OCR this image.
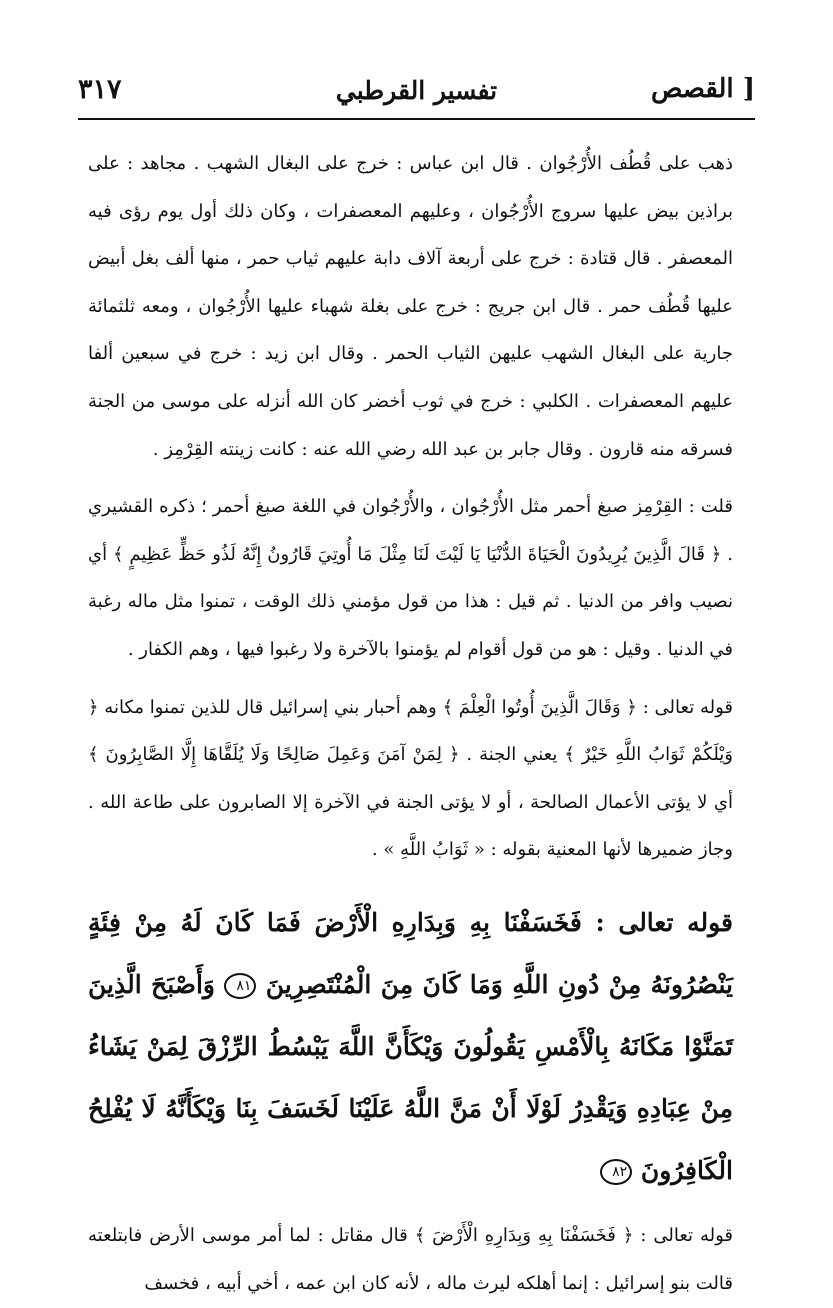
٣١٧	تفسير القرطبي	القصص ]

ذهب على قُطُف الأُرْجُوان . قال ابن عباس : خرج على البغال الشهب . مجاهد : على براذين بيض عليها سروج الأُرْجُوان ، وعليهم المعصفرات ، وكان ذلك أول يوم رؤى فيه المعصفر . قال قتادة : خرج على أربعة آلاف دابة عليهم ثياب حمر ، منها ألف بغل أبيض عليها قُطُف حمر . قال ابن جريج : خرج على بغلة شهباء عليها الأُرْجُوان ، ومعه ثلثمائة جارية على البغال الشهب عليهن الثياب الحمر . وقال ابن زيد : خرج في سبعين ألفا عليهم المعصفرات . الكلبي : خرج في ثوب أخضر كان الله أنزله على موسى من الجنة فسرقه منه قارون . وقال جابر بن عبد الله رضي الله عنه : كانت زينته القِرْمِز .

قلت : القِرْمِز صبغ أحمر مثل الأُرْجُوان ، والأُرْجُوان في اللغة صبغ أحمر ؛ ذكره القشيري . ﴿ قَالَ الَّذِينَ يُرِيدُونَ الْحَيَاةَ الدُّنْيَا يَا لَيْتَ لَنَا مِثْلَ مَا أُوتِيَ قَارُونُ إِنَّهُ لَذُو حَظٍّ عَظِيمٍ ﴾ أي نصيب وافر من الدنيا . ثم قيل : هذا من قول مؤمني ذلك الوقت ، تمنوا مثل ماله رغبة في الدنيا . وقيل : هو من قول أقوام لم يؤمنوا بالآخرة ولا رغبوا فيها ، وهم الكفار .

قوله تعالى : ﴿ وَقَالَ الَّذِينَ أُوتُوا الْعِلْمَ ﴾ وهم أحبار بني إسرائيل قال للذين تمنوا مكانه ﴿ وَيْلَكُمْ ثَوَابُ اللَّهِ خَيْرٌ ﴾ يعني الجنة . ﴿ لِمَنْ آمَنَ وَعَمِلَ صَالِحًا وَلَا يُلَقَّاهَا إِلَّا الصَّابِرُونَ ﴾ أي لا يؤتى الأعمال الصالحة ، أو لا يؤتى الجنة في الآخرة إلا الصابرون على طاعة الله . وجاز ضميرها لأنها المعنية بقوله : « ثَوَابُ اللَّهِ » .

قوله تعالى : فَخَسَفْنَا بِهِ وَبِدَارِهِ الْأَرْضَ فَمَا كَانَ لَهُ مِنْ فِئَةٍ يَنْصُرُونَهُ مِنْ دُونِ اللَّهِ وَمَا كَانَ مِنَ الْمُنْتَصِرِينَ ٨١ وَأَصْبَحَ الَّذِينَ تَمَنَّوْا مَكَانَهُ بِالْأَمْسِ يَقُولُونَ وَيْكَأَنَّ اللَّهَ يَبْسُطُ الرِّزْقَ لِمَنْ يَشَاءُ مِنْ عِبَادِهِ وَيَقْدِرُ لَوْلَا أَنْ مَنَّ اللَّهُ عَلَيْنَا لَخَسَفَ بِنَا وَيْكَأَنَّهُ لَا يُفْلِحُ الْكَافِرُونَ ٨٢

قوله تعالى : ﴿ فَخَسَفْنَا بِهِ وَبِدَارِهِ الْأَرْضَ ﴾ قال مقاتل : لما أمر موسى الأرض فابتلعته قالت بنو إسرائيل : إنما أهلكه ليرث ماله ، لأنه كان ابن عمه ، أخي أبيه ، فخسف
